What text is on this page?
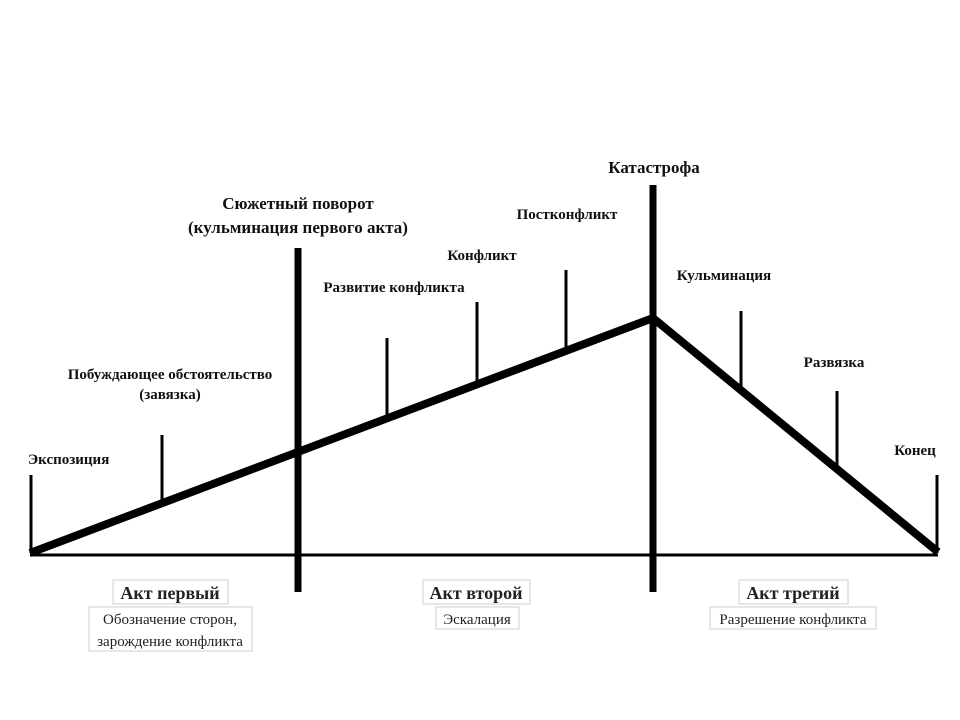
Экспозиция
Побуждающее обстоятельство
(завязка)
Сюжетный поворот
(кульминация первого акта)
Развитие конфликта
Конфликт
Постконфликт
Катастрофа
Кульминация
Развязка
Конец
Акт первый
Обозначение сторон,
зарождение конфликта
Акт второй
Эскалация
Акт третий
Разрешение конфликта
